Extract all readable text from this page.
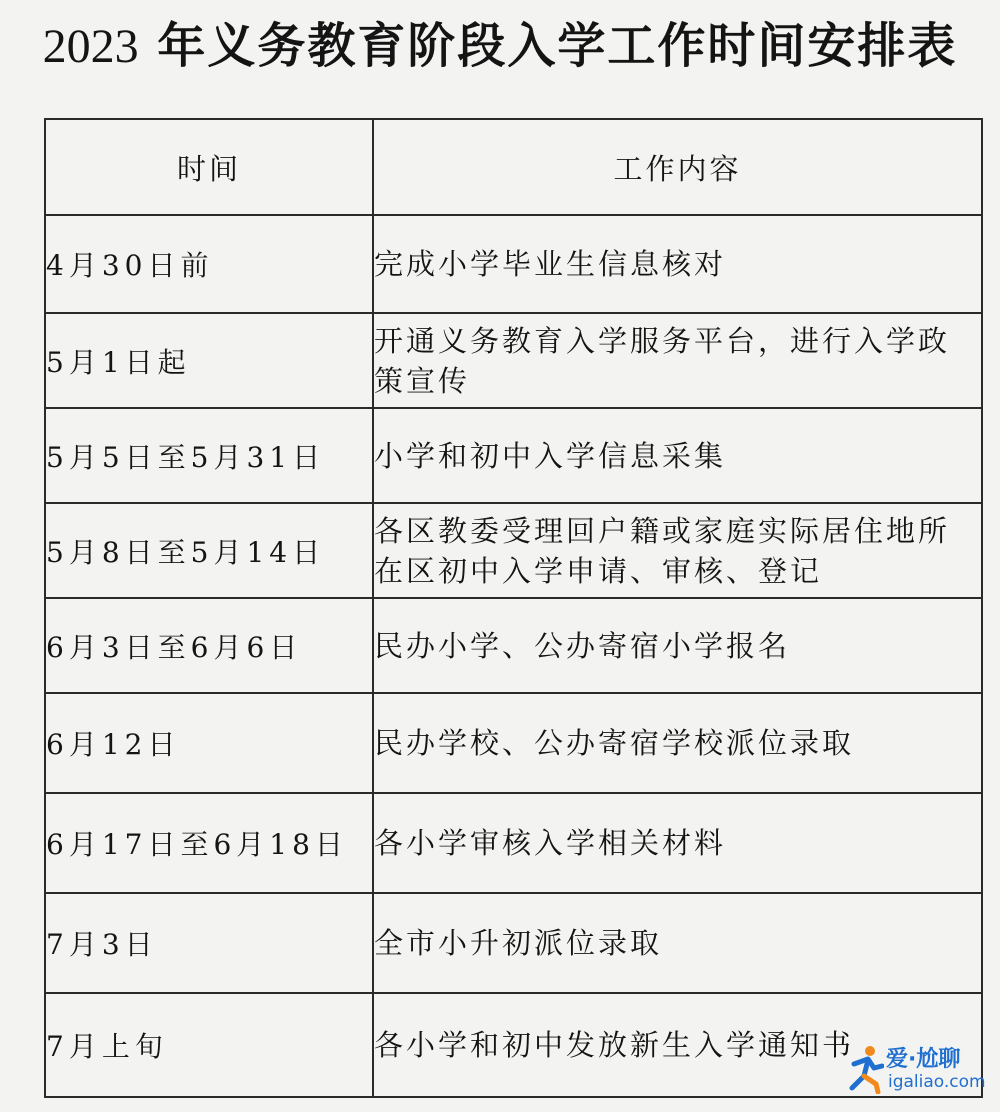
2023 年义务教育阶段入学工作时间安排表
时间	工作内容
4月30日前	完成小学毕业生信息核对
5月1日起	开通义务教育入学服务平台，进行入学政策宣传
5月5日至5月31日	小学和初中入学信息采集
5月8日至5月14日	各区教委受理回户籍或家庭实际居住地所在区初中入学申请、审核、登记
6月3日至6月6日	民办小学、公办寄宿小学报名
6月12日	民办学校、公办寄宿学校派位录取
6月17日至6月18日	各小学审核入学相关材料
7月3日	全市小升初派位录取
7月上旬	各小学和初中发放新生入学通知书 爱·尬聊
igaliao.com
